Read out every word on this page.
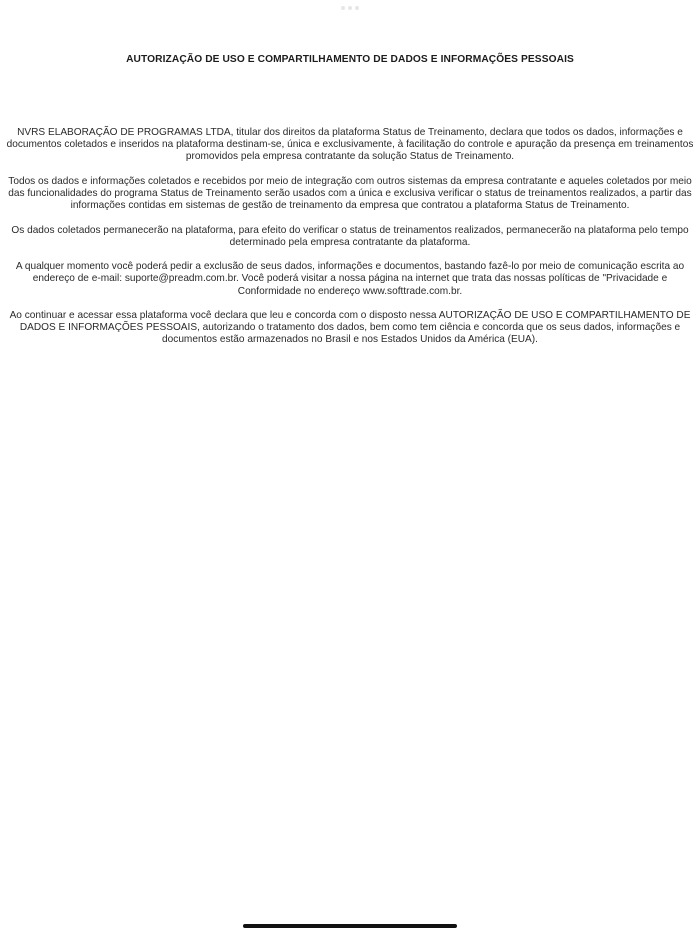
AUTORIZAÇÃO DE USO E COMPARTILHAMENTO DE DADOS E INFORMAÇÕES PESSOAIS

NVRS ELABORAÇÃO DE PROGRAMAS LTDA, titular dos direitos da plataforma Status de Treinamento, declara que todos os dados, informações e documentos coletados e inseridos na plataforma destinam-se, única e exclusivamente, à facilitação do controle e apuração da presença em treinamentos promovidos pela empresa contratante da solução Status de Treinamento.

Todos os dados e informações coletados e recebidos por meio de integração com outros sistemas da empresa contratante e aqueles coletados por meio das funcionalidades do programa Status de Treinamento serão usados com a única e exclusiva verificar o status de treinamentos realizados, a partir das informações contidas em sistemas de gestão de treinamento da empresa que contratou a plataforma Status de Treinamento.

Os dados coletados permanecerão na plataforma, para efeito do verificar o status de treinamentos realizados, permanecerão na plataforma pelo tempo determinado pela empresa contratante da plataforma.

A qualquer momento você poderá pedir a exclusão de seus dados, informações e documentos, bastando fazê-lo por meio de comunicação escrita ao endereço de e-mail: suporte@preadm.com.br. Você poderá visitar a nossa página na internet que trata das nossas políticas de "Privacidade e Conformidade no endereço www.softtrade.com.br.

Ao continuar e acessar essa plataforma você declara que leu e concorda com o disposto nessa AUTORIZAÇÃO DE USO E COMPARTILHAMENTO DE DADOS E INFORMAÇÕES PESSOAIS, autorizando o tratamento dos dados, bem como tem ciência e concorda que os seus dados, informações e documentos estão armazenados no Brasil e nos Estados Unidos da América (EUA).
